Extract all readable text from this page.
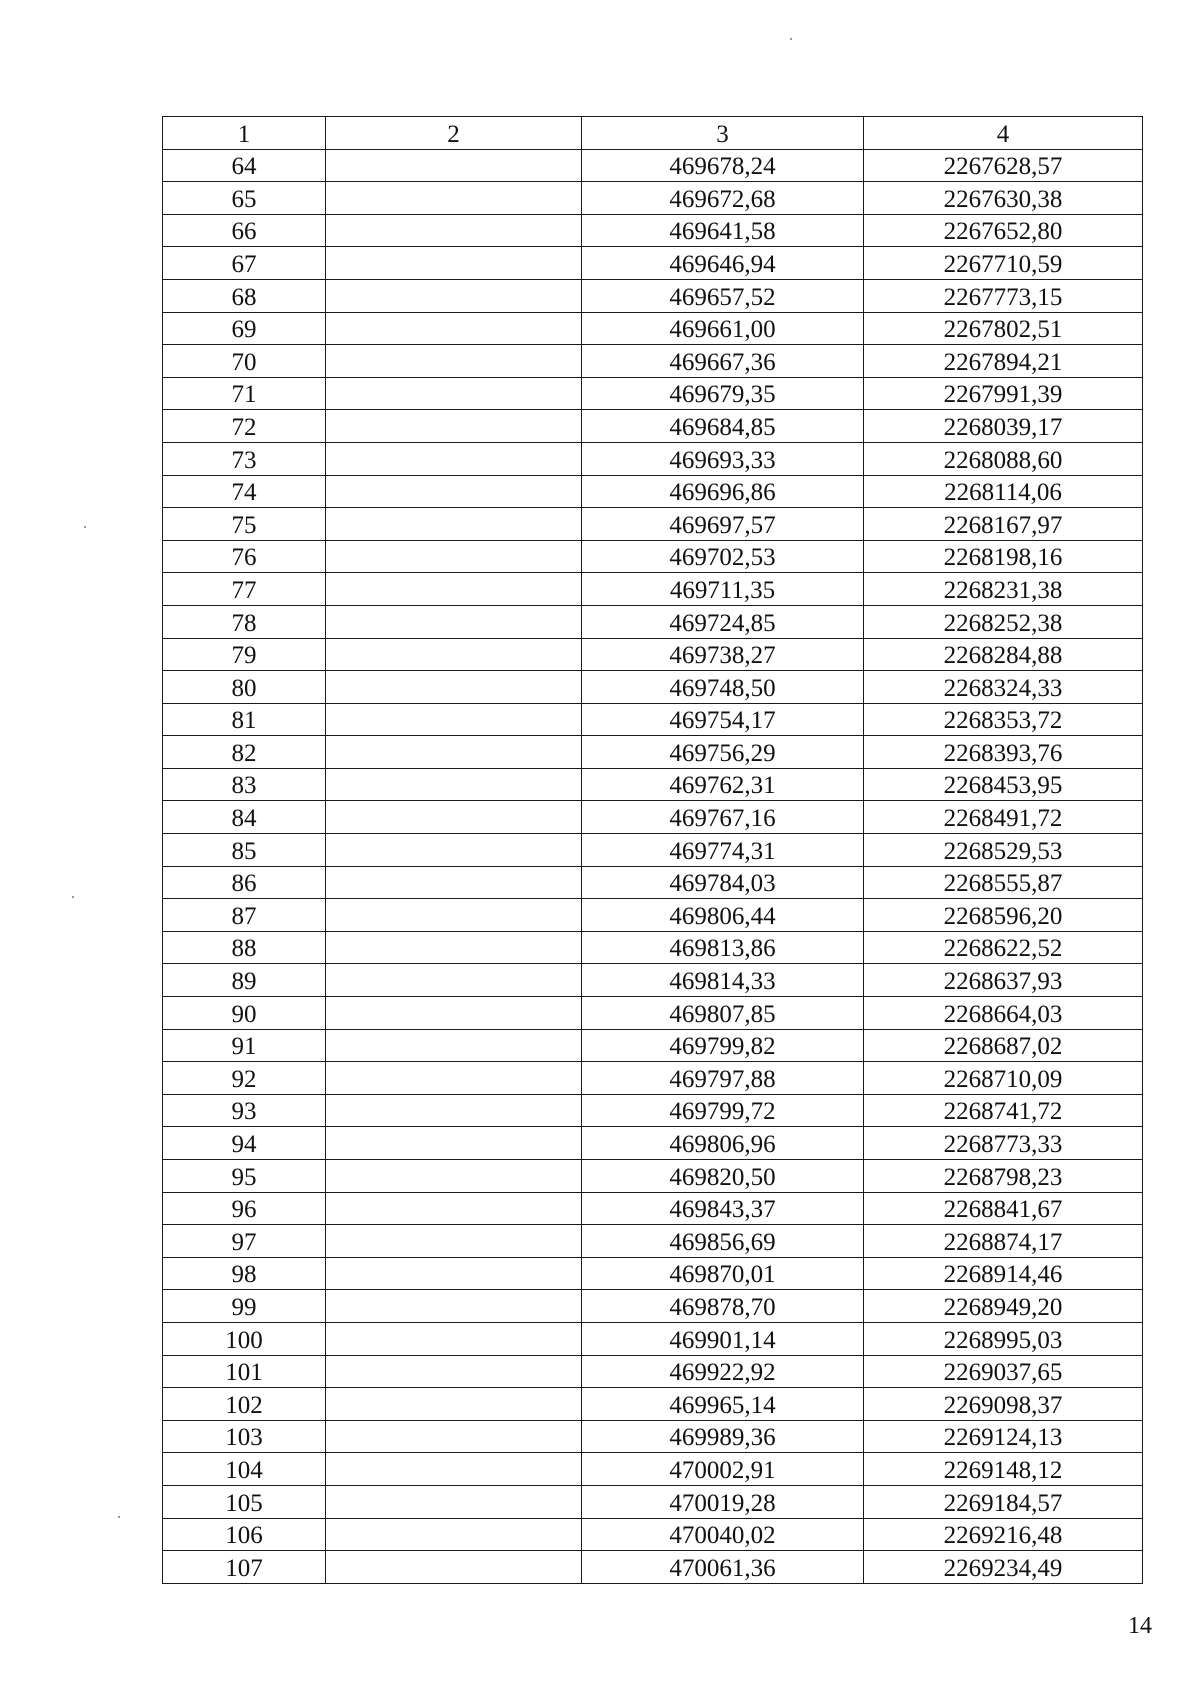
1	2	3	4
64		469678,24	2267628,57
65		469672,68	2267630,38
66		469641,58	2267652,80
67		469646,94	2267710,59
68		469657,52	2267773,15
69		469661,00	2267802,51
70		469667,36	2267894,21
71		469679,35	2267991,39
72		469684,85	2268039,17
73		469693,33	2268088,60
74		469696,86	2268114,06
75		469697,57	2268167,97
76		469702,53	2268198,16
77		469711,35	2268231,38
78		469724,85	2268252,38
79		469738,27	2268284,88
80		469748,50	2268324,33
81		469754,17	2268353,72
82		469756,29	2268393,76
83		469762,31	2268453,95
84		469767,16	2268491,72
85		469774,31	2268529,53
86		469784,03	2268555,87
87		469806,44	2268596,20
88		469813,86	2268622,52
89		469814,33	2268637,93
90		469807,85	2268664,03
91		469799,82	2268687,02
92		469797,88	2268710,09
93		469799,72	2268741,72
94		469806,96	2268773,33
95		469820,50	2268798,23
96		469843,37	2268841,67
97		469856,69	2268874,17
98		469870,01	2268914,46
99		469878,70	2268949,20
100		469901,14	2268995,03
101		469922,92	2269037,65
102		469965,14	2269098,37
103		469989,36	2269124,13
104		470002,91	2269148,12
105		470019,28	2269184,57
106		470040,02	2269216,48
107		470061,36	2269234,49
14
